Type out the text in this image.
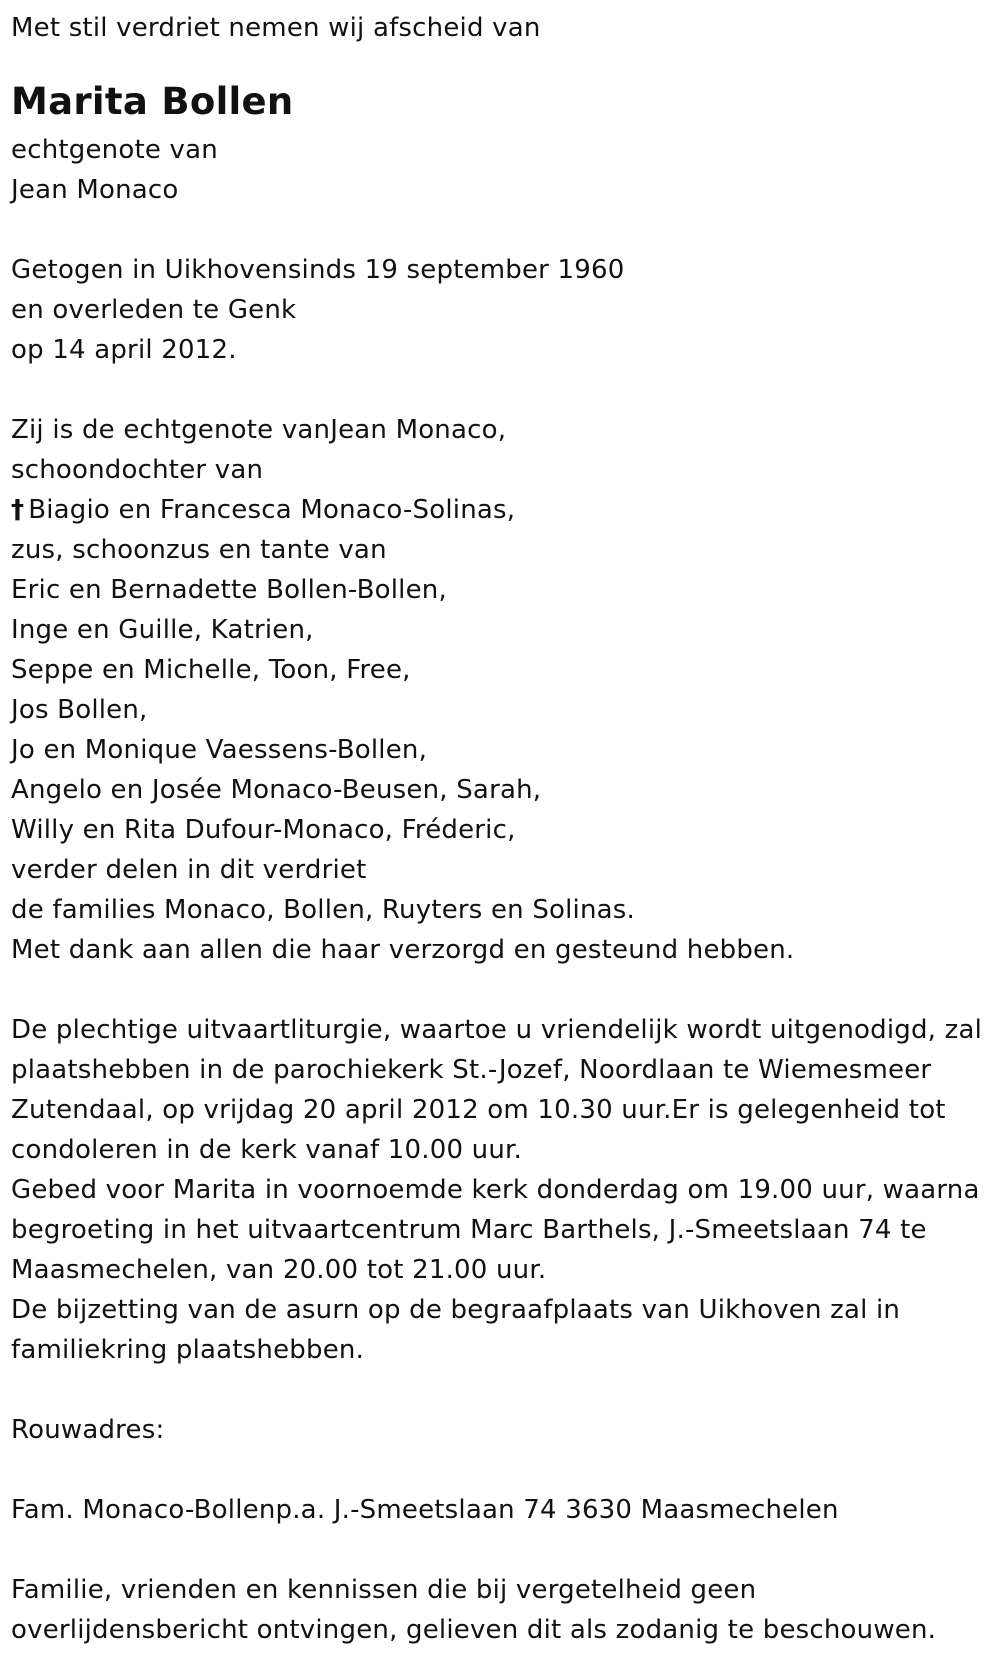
Met stil verdriet nemen wij afscheid van
Marita Bollen
echtgenote van
Jean Monaco
Getogen in Uikhovensinds 19 september 1960
en overleden te Genk
op 14 april 2012.
Zij is de echtgenote vanJean Monaco,
schoondochter van
† Biagio en Francesca Monaco-Solinas,
zus, schoonzus en tante van
Eric en Bernadette Bollen-Bollen,
Inge en Guille, Katrien,
Seppe en Michelle, Toon, Free,
Jos Bollen,
Jo en Monique Vaessens-Bollen,
Angelo en Josée Monaco-Beusen, Sarah,
Willy en Rita Dufour-Monaco, Fréderic,
verder delen in dit verdriet
de families Monaco, Bollen, Ruyters en Solinas.
Met dank aan allen die haar verzorgd en gesteund hebben.
De plechtige uitvaartliturgie, waartoe u vriendelijk wordt uitgenodigd, zal
plaatshebben in de parochiekerk St.-Jozef, Noordlaan te Wiemesmeer
Zutendaal, op vrijdag 20 april 2012 om 10.30 uur.Er is gelegenheid tot
condoleren in de kerk vanaf 10.00 uur.
Gebed voor Marita in voornoemde kerk donderdag om 19.00 uur, waarna
begroeting in het uitvaartcentrum Marc Barthels, J.-Smeetslaan 74 te
Maasmechelen, van 20.00 tot 21.00 uur.
De bijzetting van de asurn op de begraafplaats van Uikhoven zal in
familiekring plaatshebben.
Rouwadres:
Fam. Monaco-Bollenp.a. J.-Smeetslaan 74 3630 Maasmechelen
Familie, vrienden en kennissen die bij vergetelheid geen
overlijdensbericht ontvingen, gelieven dit als zodanig te beschouwen.
